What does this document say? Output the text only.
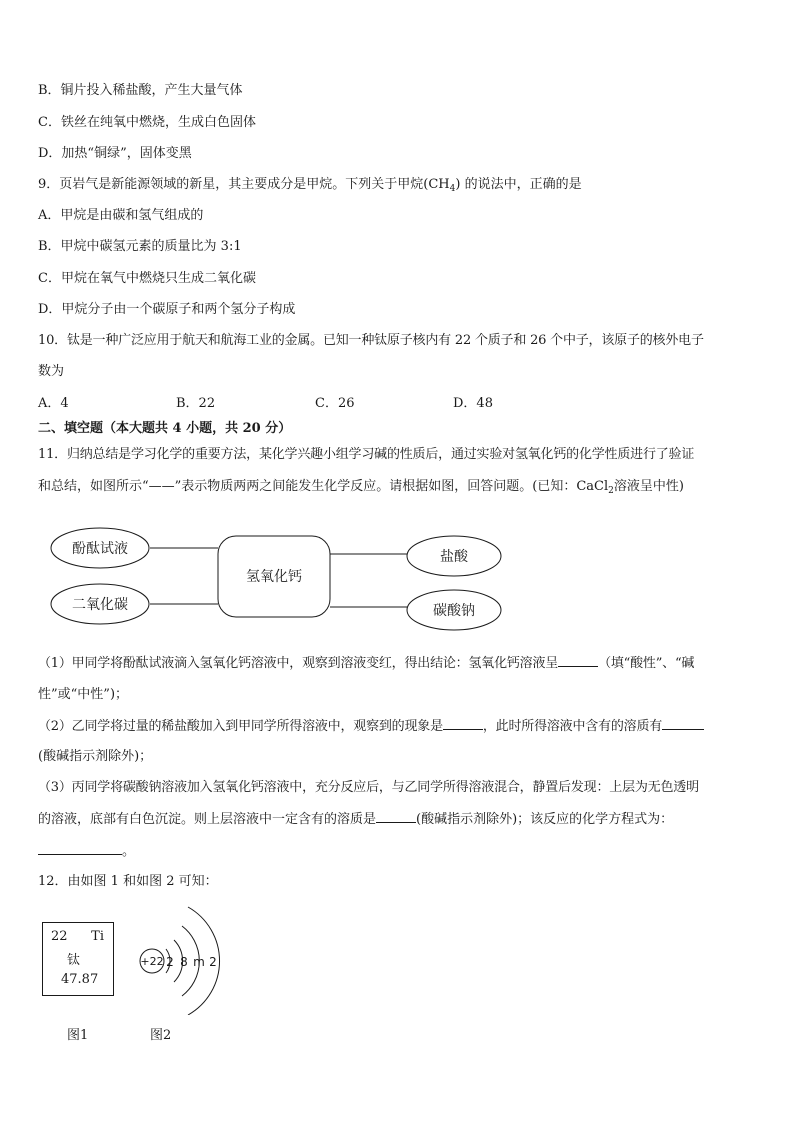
B．铜片投入稀盐酸，产生大量气体
C．铁丝在纯氧中燃烧，生成白色固体
D．加热“铜绿”，固体变黑
9．页岩气是新能源领域的新星，其主要成分是甲烷。下列关于甲烷$(CH_4)$ 的说法中，正确的是
A．甲烷是由碳和氢气组成的
B．甲烷中碳氢元素的质量比为 3:1
C．甲烷在氧气中燃烧只生成二氧化碳
D．甲烷分子由一个碳原子和两个氢分子构成
10．钛是一种广泛应用于航天和航海工业的金属。已知一种钛原子核内有 22 个质子和 26 个中子，该原子的核外电子
数为
A．4	B．22	C．26	D．48
二、填空题（本大题共 4 小题，共 20 分）
11．归纳总结是学习化学的重要方法，某化学兴趣小组学习碱的性质后，通过实验对氢氧化钙的化学性质进行了验证
和总结，如图所示“——”表示物质两两之间能发生化学反应。请根据如图，回答问题。(已知：CaCl$_2$溶液呈中性)
酚酞试液
二氧化碳
氢氧化钙
盐酸
碳酸钠
（1）甲同学将酚酞试液滴入氢氧化钙溶液中，观察到溶液变红，得出结论：氢氧化钙溶液呈	（填“酸性”、“碱
性”或“中性”)；
（2）乙同学将过量的稀盐酸加入到甲同学所得溶液中，观察到的现象是	，此时所得溶液中含有的溶质有
(酸碱指示剂除外)；
（3）丙同学将碳酸钠溶液加入氢氧化钙溶液中，充分反应后，与乙同学所得溶液混合，静置后发现：上层为无色透明
的溶液，底部有白色沉淀。则上层溶液中一定含有的溶质是	(酸碱指示剂除外)；该反应的化学方程式为：
。
12．由如图 1 和如图 2 可知：
22 Ti
钛
47.87
+22 2 8 m 2
图1	图2
